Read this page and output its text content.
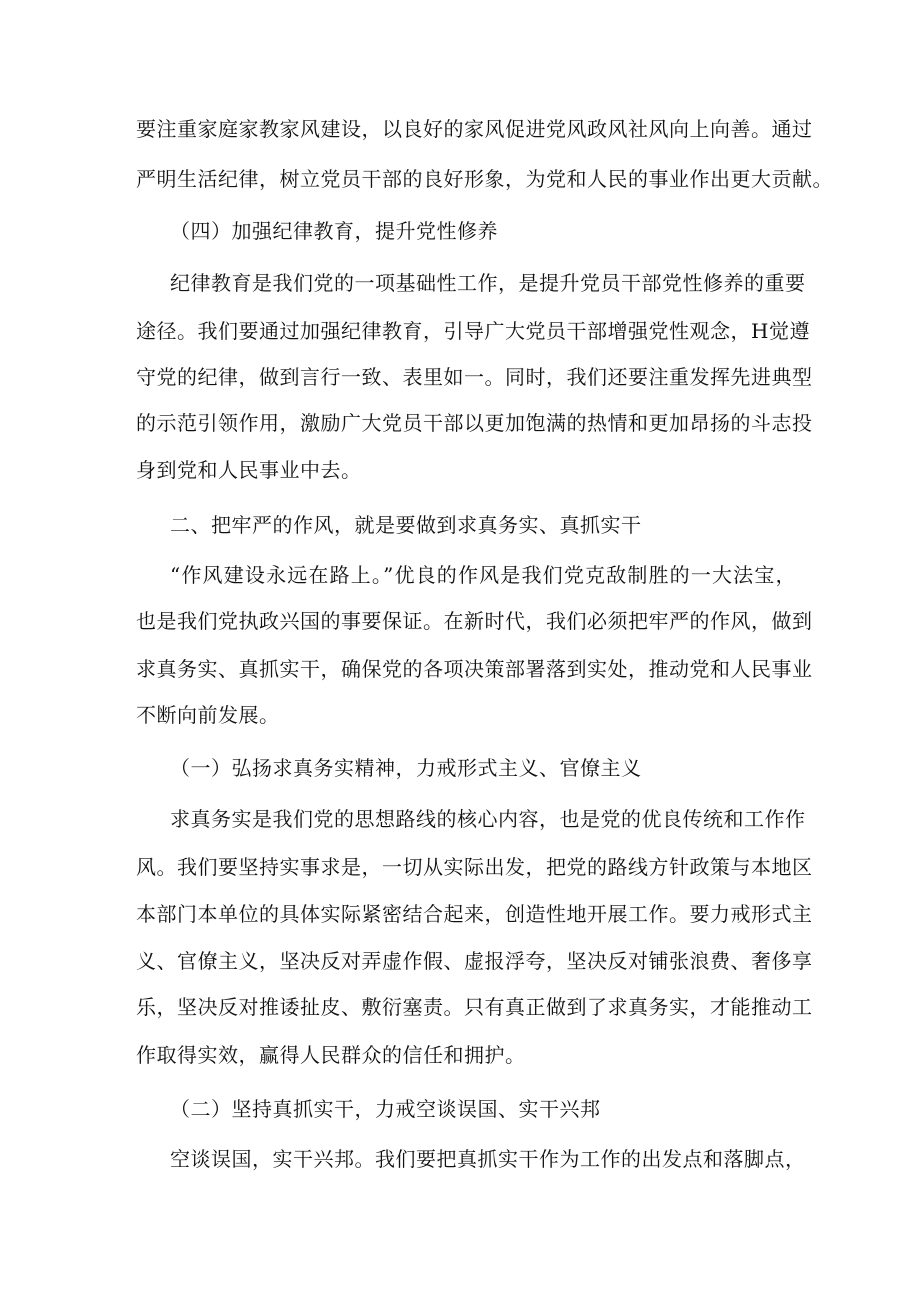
要注重家庭家教家风建设，以良好的家风促进党风政风社风向上向善。通过
严明生活纪律，树立党员干部的良好形象，为党和人民的事业作出更大贡献。
（四）加强纪律教育，提升党性修养
纪律教育是我们党的一项基础性工作，是提升党员干部党性修养的重要
途径。我们要通过加强纪律教育，引导广大党员干部增强党性观念，H觉遵
守党的纪律，做到言行一致、表里如一。同时，我们还要注重发挥先进典型
的示范引领作用，激励广大党员干部以更加饱满的热情和更加昂扬的斗志投
身到党和人民事业中去。
二、把牢严的作风，就是要做到求真务实、真抓实干
“作风建设永远在路上。”优良的作风是我们党克敌制胜的一大法宝，
也是我们党执政兴国的事要保证。在新时代，我们必须把牢严的作风，做到
求真务实、真抓实干，确保党的各项决策部署落到实处，推动党和人民事业
不断向前发展。
（一）弘扬求真务实精神，力戒形式主义、官僚主义
求真务实是我们党的思想路线的核心内容，也是党的优良传统和工作作
风。我们要坚持实事求是，一切从实际出发，把党的路线方针政策与本地区
本部门本单位的具体实际紧密结合起来，创造性地开展工作。要力戒形式主
义、官僚主义，坚决反对弄虚作假、虚报浮夸，坚决反对铺张浪费、奢侈享
乐，坚决反对推诿扯皮、敷衍塞责。只有真正做到了求真务实，才能推动工
作取得实效，赢得人民群众的信任和拥护。
（二）坚持真抓实干，力戒空谈误国、实干兴邦
空谈误国，实干兴邦。我们要把真抓实干作为工作的出发点和落脚点，
